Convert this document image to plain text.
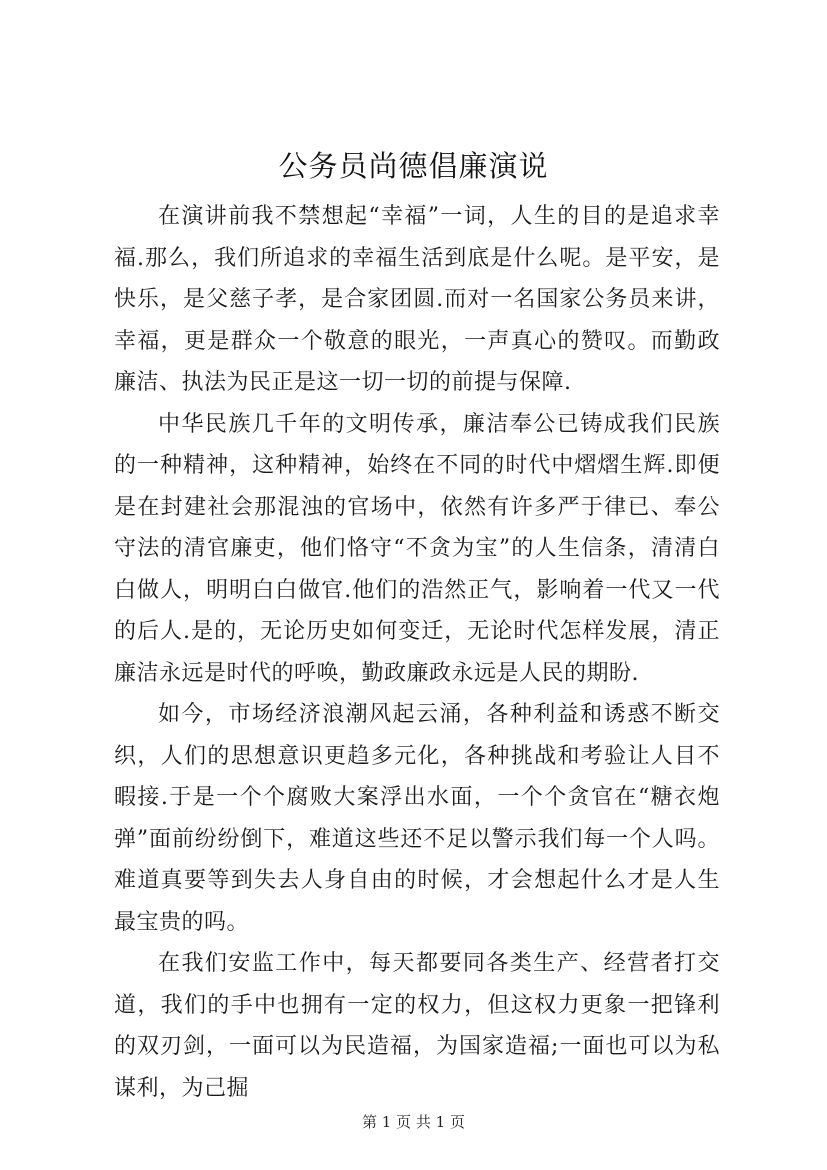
公务员尚德倡廉演说

在演讲前我不禁想起“幸福”一词，人生的目的是追求幸福.那么，我们所追求的幸福生活到底是什么呢。是平安，是快乐，是父慈子孝，是合家团圆.而对一名国家公务员来讲，幸福，更是群众一个敬意的眼光，一声真心的赞叹。而勤政廉洁、执法为民正是这一切一切的前提与保障.

中华民族几千年的文明传承，廉洁奉公已铸成我们民族的一种精神，这种精神，始终在不同的时代中熠熠生辉.即便是在封建社会那混浊的官场中，依然有许多严于律已、奉公守法的清官廉吏，他们恪守“不贪为宝”的人生信条，清清白白做人，明明白白做官.他们的浩然正气，影响着一代又一代的后人.是的，无论历史如何变迁，无论时代怎样发展，清正廉洁永远是时代的呼唤，勤政廉政永远是人民的期盼.

如今，市场经济浪潮风起云涌，各种利益和诱惑不断交织，人们的思想意识更趋多元化，各种挑战和考验让人目不暇接.于是一个个腐败大案浮出水面，一个个贪官在“糖衣炮弹”面前纷纷倒下，难道这些还不足以警示我们每一个人吗。难道真要等到失去人身自由的时候，才会想起什么才是人生最宝贵的吗。

在我们安监工作中，每天都要同各类生产、经营者打交道，我们的手中也拥有一定的权力，但这权力更象一把锋利的双刃剑，一面可以为民造福，为国家造福;一面也可以为私谋利，为己掘

第 1 页 共 1 页
